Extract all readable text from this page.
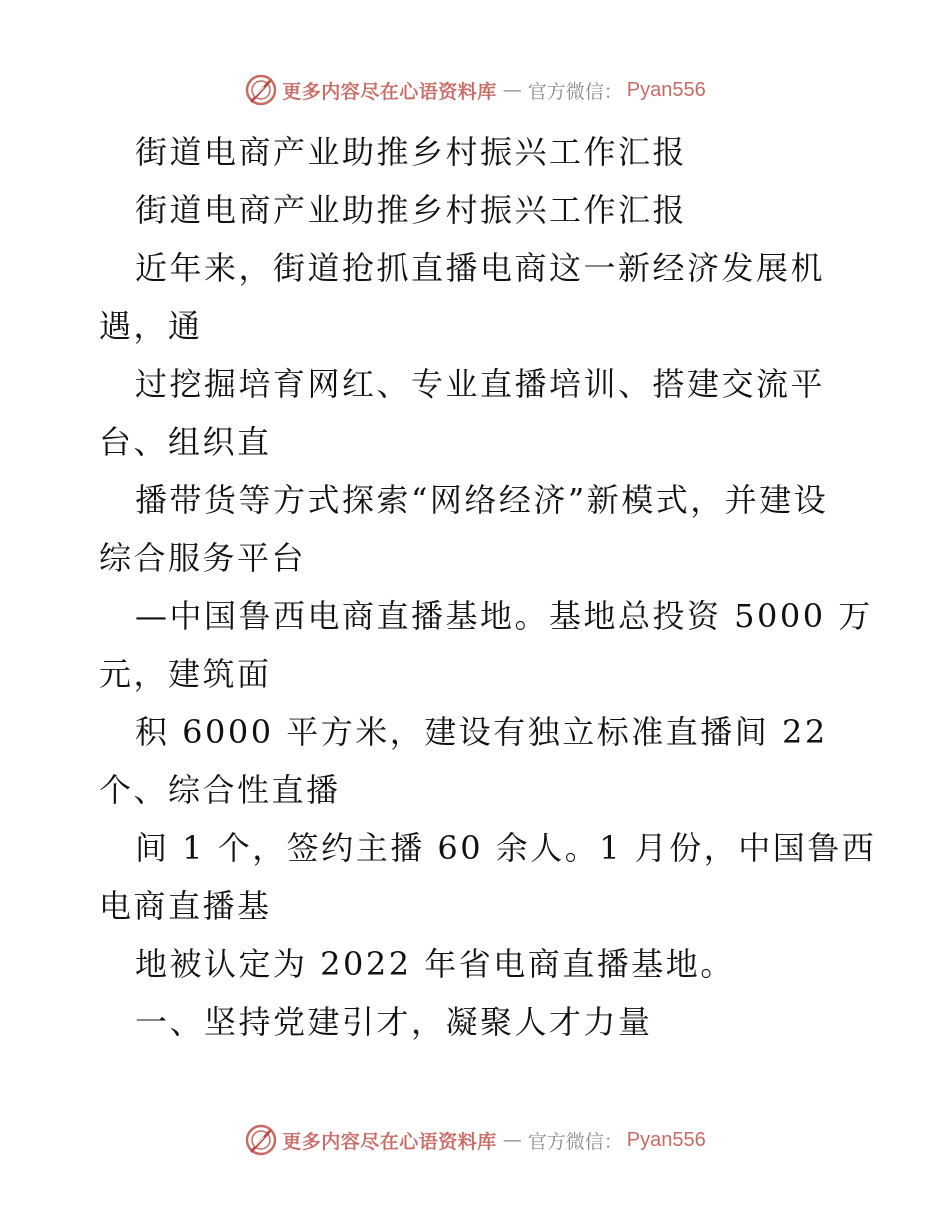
更多内容尽在心语资料库 — 官方微信： Pyan556
街道电商产业助推乡村振兴工作汇报
街道电商产业助推乡村振兴工作汇报
近年来，街道抢抓直播电商这一新经济发展机
遇，通
过挖掘培育网红、专业直播培训、搭建交流平
台、组织直
播带货等方式探索“网络经济”新模式，并建设
综合服务平台
—中国鲁西电商直播基地。基地总投资 5000 万
元，建筑面
积 6000 平方米，建设有独立标准直播间 22
个、综合性直播
间 1 个，签约主播 60 余人。1 月份，中国鲁西
电商直播基
地被认定为 2022 年省电商直播基地。
一、坚持党建引才，凝聚人才力量
更多内容尽在心语资料库 — 官方微信： Pyan556
